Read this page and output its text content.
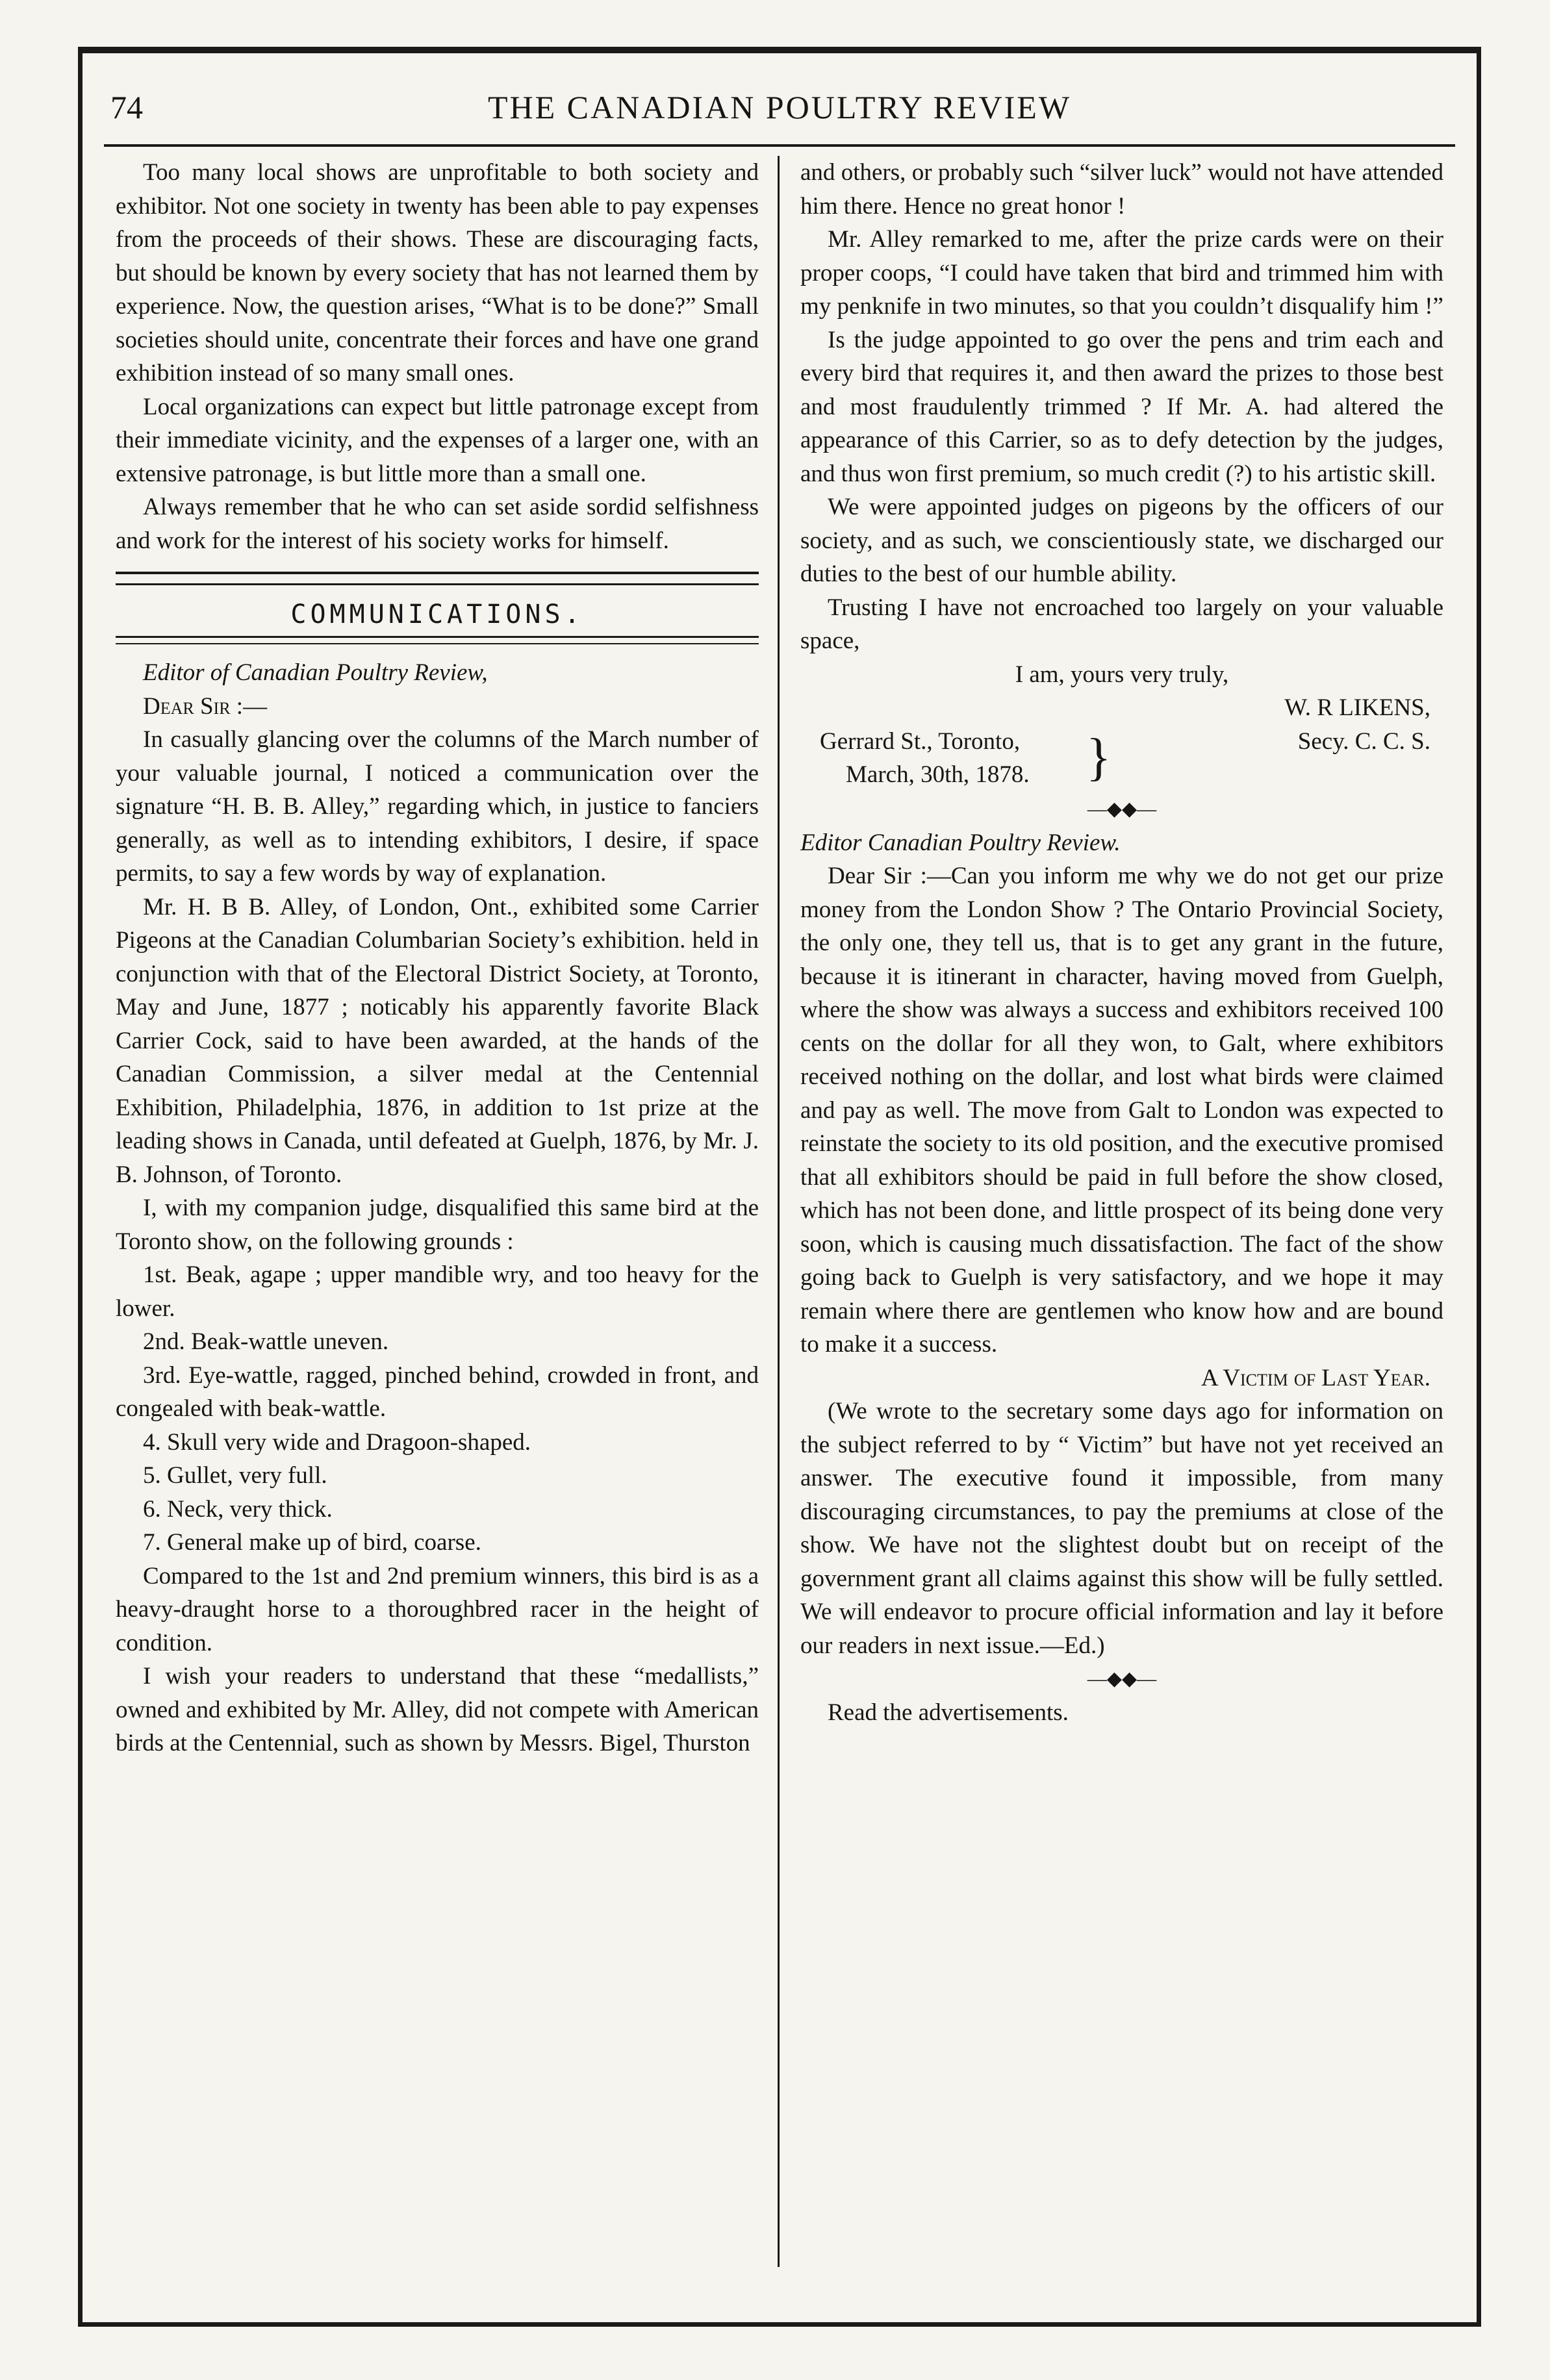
74	THE CANADIAN POULTRY REVIEW

Too many local shows are unprofitable to both society and exhibitor. Not one society in twenty has been able to pay expenses from the proceeds of their shows. These are discouraging facts, but should be known by every society that has not learned them by experience. Now, the question arises, “What is to be done?” Small societies should unite, concentrate their forces and have one grand exhibition instead of so many small ones.

Local organizations can expect but little patronage except from their immediate vicinity, and the expenses of a larger one, with an extensive patronage, is but little more than a small one.

Always remember that he who can set aside sordid selfishness and work for the interest of his society works for himself.

COMMUNICATIONS.

Editor of Canadian Poultry Review,

Dear Sir :—

In casually glancing over the columns of the March number of your valuable journal, I noticed a communication over the signature “H. B. B. Alley,” regarding which, in justice to fanciers generally, as well as to intending exhibitors, I desire, if space permits, to say a few words by way of explanation.

Mr. H. B B. Alley, of London, Ont., exhibited some Carrier Pigeons at the Canadian Columbarian Society’s exhibition. held in conjunction with that of the Electoral District Society, at Toronto, May and June, 1877 ; noticably his apparently favorite Black Carrier Cock, said to have been awarded, at the hands of the Canadian Commission, a silver medal at the Centennial Exhibition, Philadelphia, 1876, in addition to 1st prize at the leading shows in Canada, until defeated at Guelph, 1876, by Mr. J. B. Johnson, of Toronto.

I, with my companion judge, disqualified this same bird at the Toronto show, on the following grounds :

1st. Beak, agape ; upper mandible wry, and too heavy for the lower.

2nd. Beak-wattle uneven.

3rd. Eye-wattle, ragged, pinched behind, crowded in front, and congealed with beak-wattle.

4. Skull very wide and Dragoon-shaped.

5. Gullet, very full.

6. Neck, very thick.

7. General make up of bird, coarse.

Compared to the 1st and 2nd premium winners, this bird is as a heavy-draught horse to a thoroughbred racer in the height of condition.

I wish your readers to understand that these “medallists,” owned and exhibited by Mr. Alley, did not compete with American birds at the Centennial, such as shown by Messrs. Bigel, Thurston

and others, or probably such “silver luck” would not have attended him there. Hence no great honor !

Mr. Alley remarked to me, after the prize cards were on their proper coops, “I could have taken that bird and trimmed him with my penknife in two minutes, so that you couldn’t disqualify him !”

Is the judge appointed to go over the pens and trim each and every bird that requires it, and then award the prizes to those best and most fraudulently trimmed ? If Mr. A. had altered the appearance of this Carrier, so as to defy detection by the judges, and thus won first premium, so much credit (?) to his artistic skill.

We were appointed judges on pigeons by the officers of our society, and as such, we conscientiously state, we discharged our duties to the best of our humble ability.

Trusting I have not encroached too largely on your valuable space,

I am, yours very truly,

W. R LIKENS,

Gerrard St., Toronto,
March, 30th, 1878. }	Secy. C. C. S.
—◆◆—

Editor Canadian Poultry Review.

Dear Sir :—Can you inform me why we do not get our prize money from the London Show ? The Ontario Provincial Society, the only one, they tell us, that is to get any grant in the future, because it is itinerant in character, having moved from Guelph, where the show was always a success and exhibitors received 100 cents on the dollar for all they won, to Galt, where exhibitors received nothing on the dollar, and lost what birds were claimed and pay as well. The move from Galt to London was expected to reinstate the society to its old position, and the executive promised that all exhibitors should be paid in full before the show closed, which has not been done, and little prospect of its being done very soon, which is causing much dissatisfaction. The fact of the show going back to Guelph is very satisfactory, and we hope it may remain where there are gentlemen who know how and are bound to make it a success.

A Victim of Last Year.

(We wrote to the secretary some days ago for information on the subject referred to by “ Victim” but have not yet received an answer. The executive found it impossible, from many discouraging circumstances, to pay the premiums at close of the show. We have not the slightest doubt but on receipt of the government grant all claims against this show will be fully settled. We will endeavor to procure official information and lay it before our readers in next issue.—Ed.)

—◆◆—

Read the advertisements.
